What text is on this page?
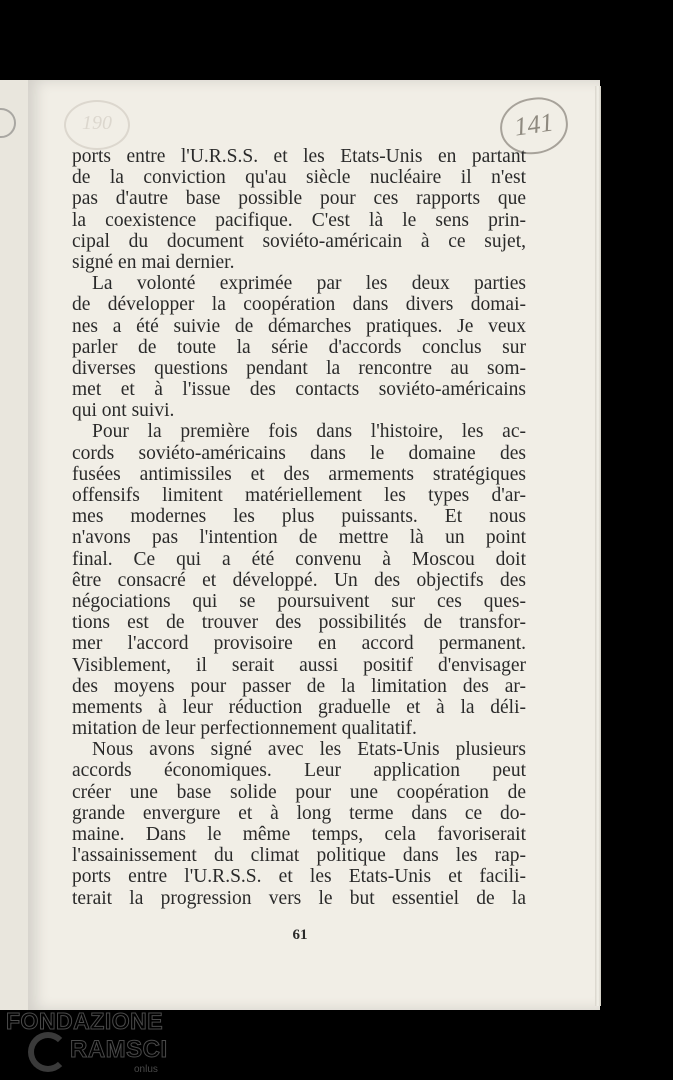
190	141
ports entre l'U.R.S.S. et les Etats-Unis en partant
de la conviction qu'au siècle nucléaire il n'est
pas d'autre base possible pour ces rapports que
la coexistence pacifique. C'est là le sens prin-
cipal du document soviéto-américain à ce sujet,
signé en mai dernier.
La volonté exprimée par les deux parties
de développer la coopération dans divers domai-
nes a été suivie de démarches pratiques. Je veux
parler de toute la série d'accords conclus sur
diverses questions pendant la rencontre au som-
met et à l'issue des contacts soviéto-américains
qui ont suivi.
Pour la première fois dans l'histoire, les ac-
cords soviéto-américains dans le domaine des
fusées antimissiles et des armements stratégiques
offensifs limitent matériellement les types d'ar-
mes modernes les plus puissants. Et nous
n'avons pas l'intention de mettre là un point
final. Ce qui a été convenu à Moscou doit
être consacré et développé. Un des objectifs des
négociations qui se poursuivent sur ces ques-
tions est de trouver des possibilités de transfor-
mer l'accord provisoire en accord permanent.
Visiblement, il serait aussi positif d'envisager
des moyens pour passer de la limitation des ar-
mements à leur réduction graduelle et à la déli-
mitation de leur perfectionnement qualitatif.
Nous avons signé avec les Etats-Unis plusieurs
accords économiques. Leur application peut
créer une base solide pour une coopération de
grande envergure et à long terme dans ce do-
maine. Dans le même temps, cela favoriserait
l'assainissement du climat politique dans les rap-
ports entre l'U.R.S.S. et les Etats-Unis et facili-
terait la progression vers le but essentiel de la
61
FONDAZIONE
RAMSCI
onlus
